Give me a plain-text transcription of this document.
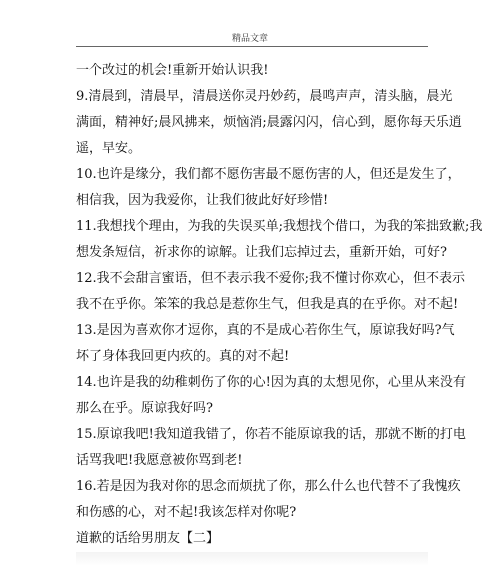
精品文章
一个改过的机会!重新开始认识我!
9.清晨到，清晨早，清晨送你灵丹妙药，晨鸣声声，清头脑，晨光
满面，精神好;晨风拂来，烦恼消;晨露闪闪，信心到，愿你每天乐逍
遥，早安。
10.也许是缘分，我们都不愿伤害最不愿伤害的人，但还是发生了，
相信我，因为我爱你，让我们彼此好好珍惜!
11.我想找个理由，为我的失误买单;我想找个借口，为我的笨拙致歉;我
想发条短信，祈求你的谅解。让我们忘掉过去，重新开始，可好?
12.我不会甜言蜜语，但不表示我不爱你;我不懂讨你欢心，但不表示
我不在乎你。笨笨的我总是惹你生气，但我是真的在乎你。对不起!
13.是因为喜欢你才逗你，真的不是成心若你生气，原谅我好吗?气
坏了身体我回更内疚的。真的对不起!
14.也许是我的幼稚刺伤了你的心!因为真的太想见你，心里从来没有
那么在乎。原谅我好吗?
15.原谅我吧!我知道我错了，你若不能原谅我的话，那就不断的打电
话骂我吧!我愿意被你骂到老!
16.若是因为我对你的思念而烦扰了你，那么什么也代替不了我愧疚
和伤感的心，对不起!我该怎样对你呢?
道歉的话给男朋友【二】
